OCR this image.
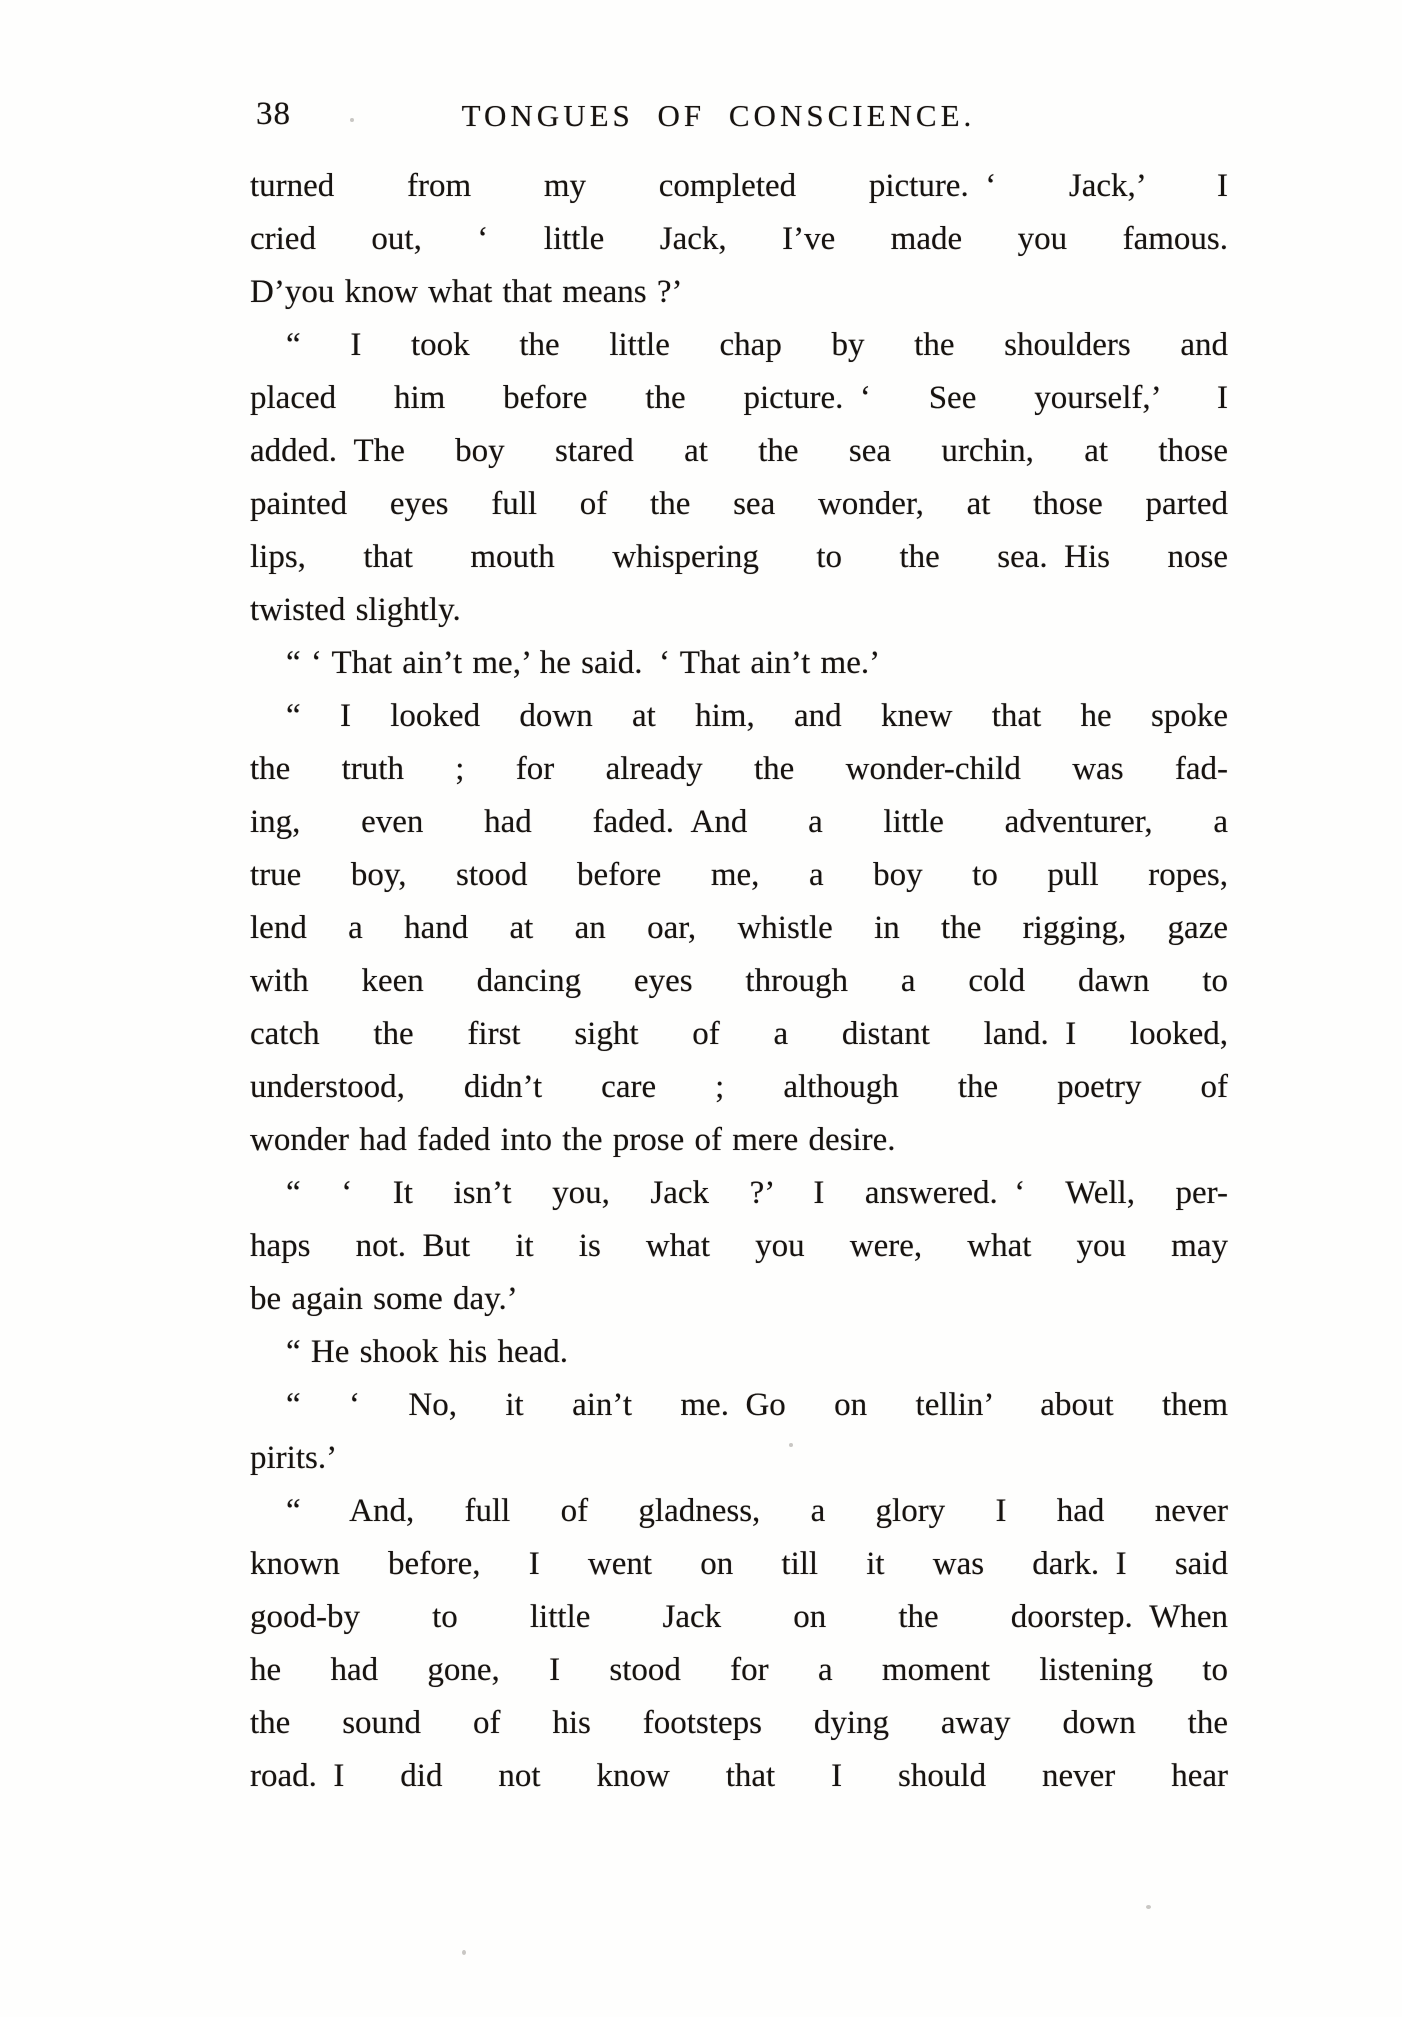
38	TONGUES OF CONSCIENCE.
turned from my completed picture. ‘ Jack,’ I
cried out, ‘ little Jack, I’ve made you famous.
D’you know what that means ?’
“ I took the little chap by the shoulders and
placed him before the picture. ‘ See yourself,’ I
added. The boy stared at the sea urchin, at those
painted eyes full of the sea wonder, at those parted
lips, that mouth whispering to the sea. His nose
twisted slightly.
“ ‘ That ain’t me,’ he said. ‘ That ain’t me.’
“ I looked down at him, and knew that he spoke
the truth ; for already the wonder-child was fad-
ing, even had faded. And a little adventurer, a
true boy, stood before me, a boy to pull ropes,
lend a hand at an oar, whistle in the rigging, gaze
with keen dancing eyes through a cold dawn to
catch the first sight of a distant land. I looked,
understood, didn’t care ; although the poetry of
wonder had faded into the prose of mere desire.
“ ‘ It isn’t you, Jack ?’ I answered. ‘ Well, per-
haps not. But it is what you were, what you may
be again some day.’
“ He shook his head.
“ ‘ No, it ain’t me. Go on tellin’ about them
pirits.’
“ And, full of gladness, a glory I had never
known before, I went on till it was dark. I said
good-by to little Jack on the doorstep. When
he had gone, I stood for a moment listening to
the sound of his footsteps dying away down the
road. I did not know that I should never hear
